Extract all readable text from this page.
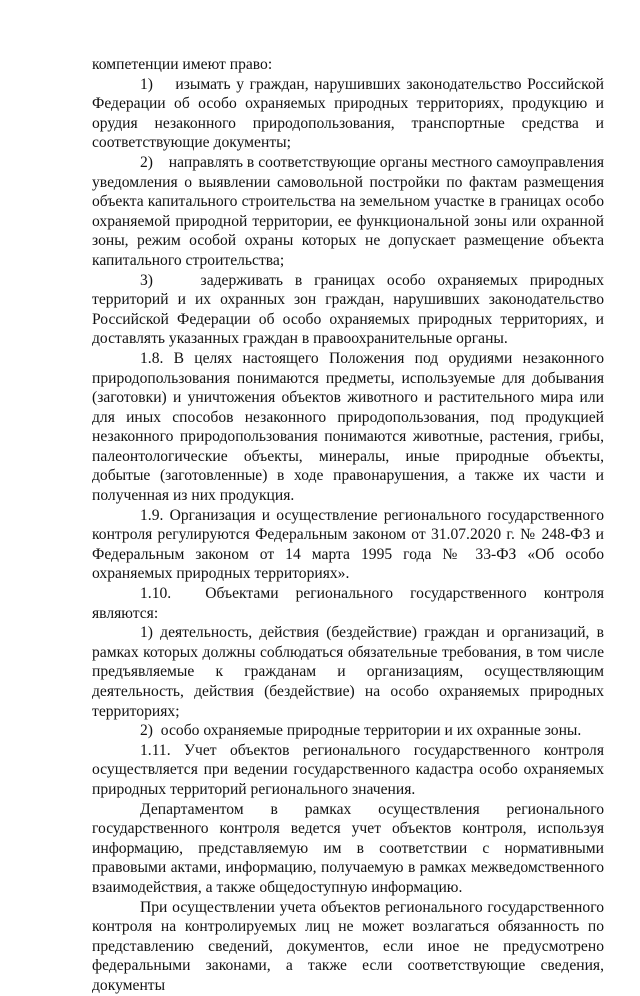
компетенции имеют право:

1)    изымать у граждан, нарушивших законодательство Российской Федерации об особо охраняемых природных территориях, продукцию и орудия незаконного природопользования, транспортные средства и соответствующие документы;

2)    направлять в соответствующие органы местного самоуправления уведомления о выявлении самовольной постройки по фактам размещения объекта капитального строительства на земельном участке в границах особо охраняемой природной территории, ее функциональной зоны или охранной зоны, режим особой охраны которых не допускает размещение объекта капитального строительства;

3)    задерживать в границах особо охраняемых природных территорий и их охранных зон граждан, нарушивших законодательство Российской Федерации об особо охраняемых природных территориях, и доставлять указанных граждан в правоохранительные органы.

1.8. В целях настоящего Положения под орудиями незаконного природопользования понимаются предметы, используемые для добывания (заготовки) и уничтожения объектов животного и растительного мира или для иных способов незаконного природопользования, под продукцией незаконного природопользования понимаются животные, растения, грибы, палеонтологические объекты, минералы, иные природные объекты, добытые (заготовленные) в ходе правонарушения, а также их части и полученная из них продукция.

1.9. Организация и осуществление регионального государственного контроля регулируются Федеральным законом от 31.07.2020 г. № 248-ФЗ и Федеральным законом от 14 марта 1995 года № 33-ФЗ «Об особо охраняемых природных территориях».

1.10.  Объектами регионального государственного контроля являются:

1) деятельность, действия (бездействие) граждан и организаций, в рамках которых должны соблюдаться обязательные требования, в том числе предъявляемые к гражданам и организациям, осуществляющим деятельность, действия (бездействие) на особо охраняемых природных территориях;

2)  особо охраняемые природные территории и их охранные зоны.

1.11. Учет объектов регионального государственного контроля осуществляется при ведении государственного кадастра особо охраняемых природных территорий регионального значения.

Департаментом в рамках осуществления регионального государственного контроля ведется учет объектов контроля, используя информацию, представляемую им в соответствии с нормативными правовыми актами, информацию, получаемую в рамках межведомственного взаимодействия, а также общедоступную информацию.

При осуществлении учета объектов регионального государственного контроля на контролируемых лиц не может возлагаться обязанность по представлению сведений, документов, если иное не предусмотрено федеральными законами, а также если соответствующие сведения, документы
